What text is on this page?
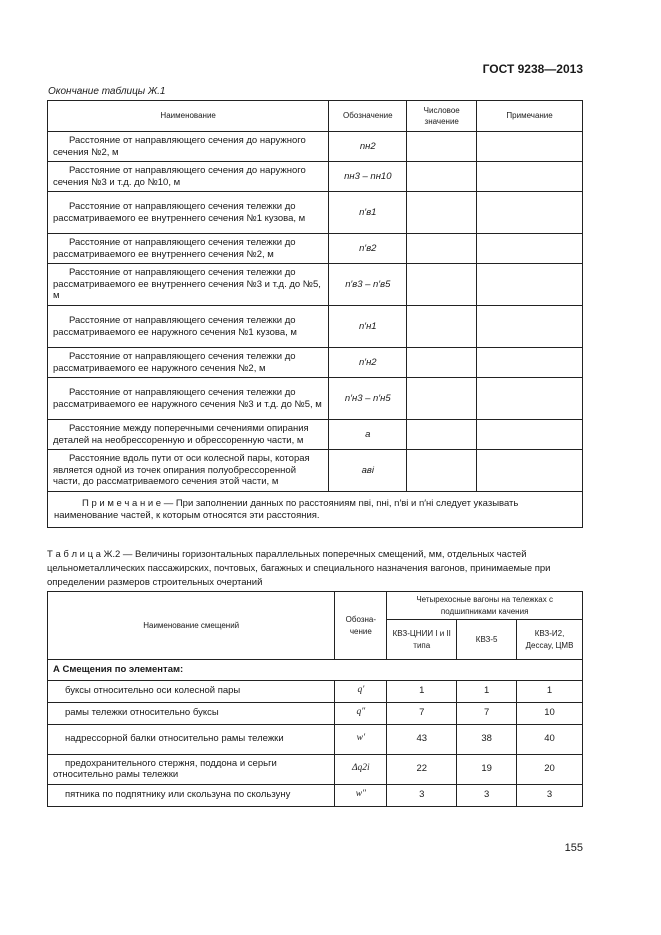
ГОСТ 9238—2013
Окончание таблицы Ж.1
Наименование	Обозначение	Числовое значение	Примечание
Расстояние от направляющего сечения до наружного сечения №2, м	nн2		
Расстояние от направляющего сечения до наружного сечения №3 и т.д. до №10, м	nн3 – nн10		
Расстояние от направляющего сечения тележки до рассматриваемого ее внутреннего сечения №1 кузова, м	n′в1		
Расстояние от направляющего сечения тележки до рассматриваемого ее внутреннего сечения №2, м	n′в2		
Расстояние от направляющего сечения тележки до рассматриваемого ее внутреннего сечения №3 и т.д. до №5, м	n′в3 – n′в5		
Расстояние от направляющего сечения тележки до рассматриваемого ее наружного сечения №1 кузова, м	n′н1		
Расстояние от направляющего сечения тележки до рассматриваемого ее наружного сечения №2, м	n′н2		
Расстояние от направляющего сечения тележки до рассматриваемого ее наружного сечения №3 и т.д. до №5, м	n′н3 – n′н5		
Расстояние между поперечными сечениями опирания деталей на необрессоренную и обрессоренную части, м	a		
Расстояние вдоль пути от оси колесной пары, которая является одной из точек опирания полуобрессоренной части, до рассматриваемого сечения этой части, м	aвi		
П р и м е ч а н и е — При заполнении данных по расстояниям nвi, nнi, n′вi и n′нi следует указывать наименование частей, к которым относятся эти расстояния.			
Т а б л и ц а Ж.2 — Величины горизонтальных параллельных поперечных смещений, мм, отдельных частей цельнометаллических пассажирских, почтовых, багажных и специального назначения вагонов, принимаемые при определении размеров строительных очертаний
Наименование смещений	Обозна-чение	Четырехосные вагоны на тележках с подшипниками качения		
		КВЗ-ЦНИИ I и II типа	КВЗ-5	КВЗ-И2, Дессау, ЦМВ
А Смещения по элементам:				
буксы относительно оси колесной пары	q′	1	1	1
рамы тележки относительно буксы	q″	7	7	10
надрессорной балки относительно рамы тележки	w′	43	38	40
предохранительного стержня, поддона и серьги относительно рамы тележки	Δq2i	22	19	20
пятника по подпятнику или скользуна по скользуну	w″	3	3	3
155
